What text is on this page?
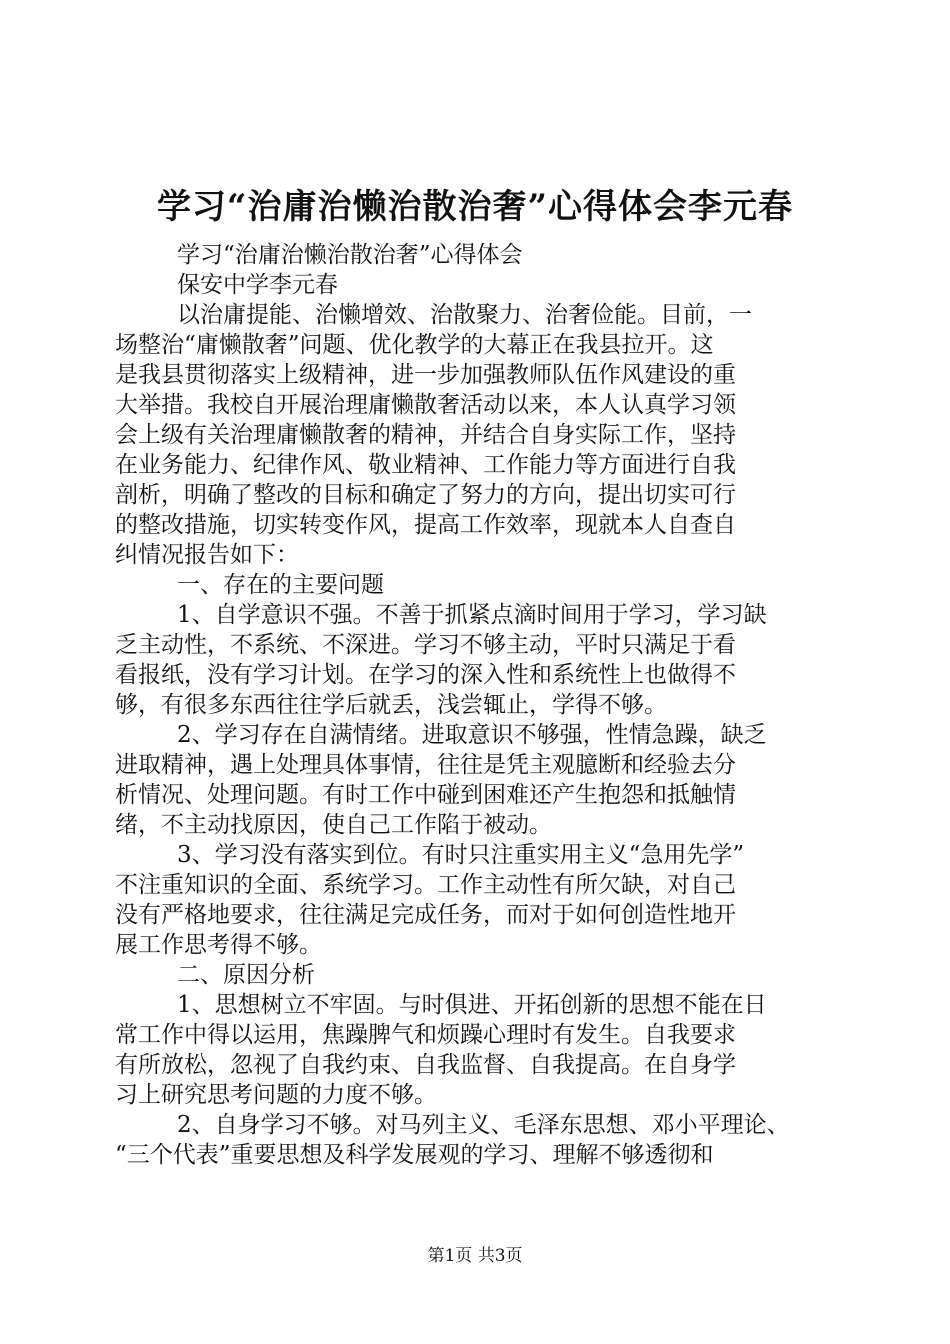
学习“治庸治懒治散治奢”心得体会李元春
学习“治庸治懒治散治奢”心得体会
保安中学李元春
以治庸提能、治懒增效、治散聚力、治奢俭能。目前，一
场整治“庸懒散奢”问题、优化教学的大幕正在我县拉开。这
是我县贯彻落实上级精神，进一步加强教师队伍作风建设的重
大举措。我校自开展治理庸懒散奢活动以来，本人认真学习领
会上级有关治理庸懒散奢的精神，并结合自身实际工作，坚持
在业务能力、纪律作风、敬业精神、工作能力等方面进行自我
剖析，明确了整改的目标和确定了努力的方向，提出切实可行
的整改措施，切实转变作风，提高工作效率，现就本人自查自
纠情况报告如下：
一、存在的主要问题
1、自学意识不强。不善于抓紧点滴时间用于学习，学习缺
乏主动性，不系统、不深进。学习不够主动，平时只满足于看
看报纸，没有学习计划。在学习的深入性和系统性上也做得不
够，有很多东西往往学后就丢，浅尝辄止，学得不够。
2、学习存在自满情绪。进取意识不够强，性情急躁，缺乏
进取精神，遇上处理具体事情，往往是凭主观臆断和经验去分
析情况、处理问题。有时工作中碰到困难还产生抱怨和抵触情
绪，不主动找原因，使自己工作陷于被动。
3、学习没有落实到位。有时只注重实用主义“急用先学”
不注重知识的全面、系统学习。工作主动性有所欠缺，对自己
没有严格地要求，往往满足完成任务，而对于如何创造性地开
展工作思考得不够。
二、原因分析
1、思想树立不牢固。与时俱进、开拓创新的思想不能在日
常工作中得以运用，焦躁脾气和烦躁心理时有发生。自我要求
有所放松，忽视了自我约束、自我监督、自我提高。在自身学
习上研究思考问题的力度不够。
2、自身学习不够。对马列主义、毛泽东思想、邓小平理论、
“三个代表”重要思想及科学发展观的学习、理解不够透彻和
第1页 共3页
